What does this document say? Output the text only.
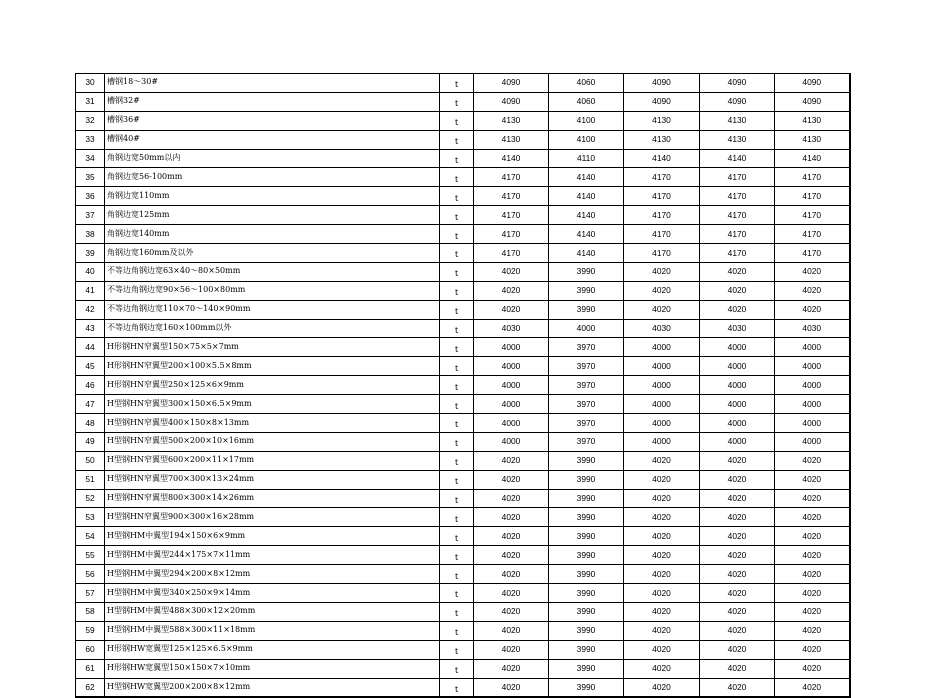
30	槽钢18～30#	t	4090	4060	4090	4090	4090
31	槽钢32#	t	4090	4060	4090	4090	4090
32	槽钢36#	t	4130	4100	4130	4130	4130
33	槽钢40#	t	4130	4100	4130	4130	4130
34	角钢边宽50mm以内	t	4140	4110	4140	4140	4140
35	角钢边宽56-100mm	t	4170	4140	4170	4170	4170
36	角钢边宽110mm	t	4170	4140	4170	4170	4170
37	角钢边宽125mm	t	4170	4140	4170	4170	4170
38	角钢边宽140mm	t	4170	4140	4170	4170	4170
39	角钢边宽160mm及以外	t	4170	4140	4170	4170	4170
40	不等边角钢边宽63×40～80×50mm	t	4020	3990	4020	4020	4020
41	不等边角钢边宽90×56～100×80mm	t	4020	3990	4020	4020	4020
42	不等边角钢边宽110×70～140×90mm	t	4020	3990	4020	4020	4020
43	不等边角钢边宽160×100mm以外	t	4030	4000	4030	4030	4030
44	H形钢HN窄翼型150×75×5×7mm	t	4000	3970	4000	4000	4000
45	H形钢HN窄翼型200×100×5.5×8mm	t	4000	3970	4000	4000	4000
46	H形钢HN窄翼型250×125×6×9mm	t	4000	3970	4000	4000	4000
47	H型钢HN窄翼型300×150×6.5×9mm	t	4000	3970	4000	4000	4000
48	H型钢HN窄翼型400×150×8×13mm	t	4000	3970	4000	4000	4000
49	H型钢HN窄翼型500×200×10×16mm	t	4000	3970	4000	4000	4000
50	H型钢HN窄翼型600×200×11×17mm	t	4020	3990	4020	4020	4020
51	H型钢HN窄翼型700×300×13×24mm	t	4020	3990	4020	4020	4020
52	H型钢HN窄翼型800×300×14×26mm	t	4020	3990	4020	4020	4020
53	H型钢HN窄翼型900×300×16×28mm	t	4020	3990	4020	4020	4020
54	H型钢HM中翼型194×150×6×9mm	t	4020	3990	4020	4020	4020
55	H型钢HM中翼型244×175×7×11mm	t	4020	3990	4020	4020	4020
56	H型钢HM中翼型294×200×8×12mm	t	4020	3990	4020	4020	4020
57	H型钢HM中翼型340×250×9×14mm	t	4020	3990	4020	4020	4020
58	H型钢HM中翼型488×300×12×20mm	t	4020	3990	4020	4020	4020
59	H型钢HM中翼型588×300×11×18mm	t	4020	3990	4020	4020	4020
60	H形钢HW宽翼型125×125×6.5×9mm	t	4020	3990	4020	4020	4020
61	H形钢HW宽翼型150×150×7×10mm	t	4020	3990	4020	4020	4020
62	H型钢HW宽翼型200×200×8×12mm	t	4020	3990	4020	4020	4020
